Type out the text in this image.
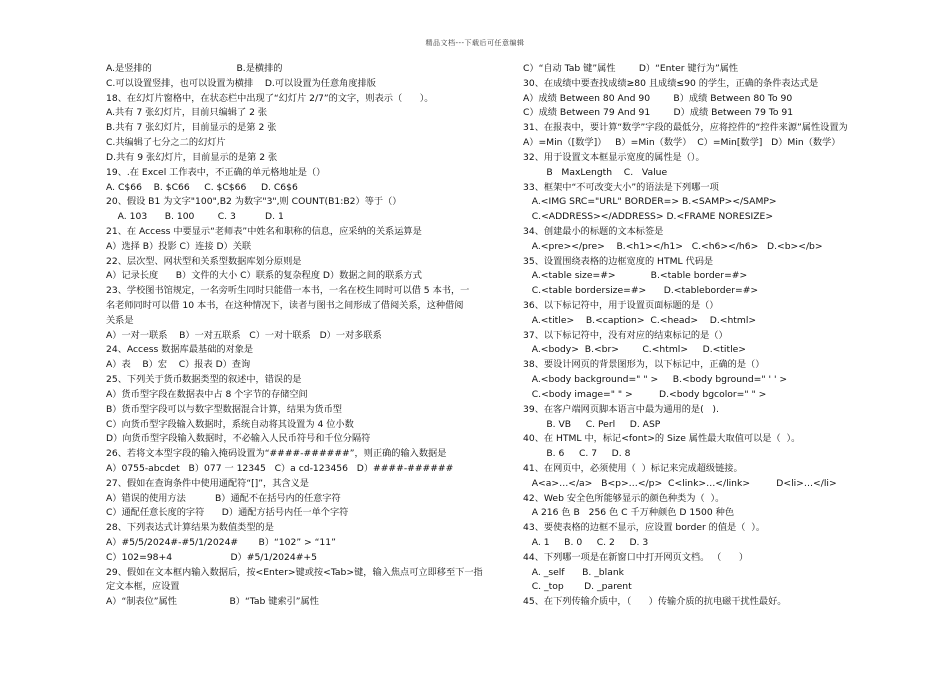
精品文档---下载后可任意编辑
A.是竖排的                             B.是横排的
C.可以设置竖排，也可以设置为横排    D.可以设置为任意角度排版
18、在幻灯片窗格中，在状态栏中出现了“幻灯片 2/7”的文字，则表示（      ）。
A.共有 7 张幻灯片，目前只编辑了 2 张
B.共有 7 张幻灯片，目前显示的是第 2 张
C.共编辑了七分之二的幻灯片
D.共有 9 张幻灯片，目前显示的是第 2 张
19、.在 Excel 工作表中，不正确的单元格地址是（）
A. C$66    B. $C66     C. $C$66     D. C6$6
20、假设 B1 为文字"100",B2 为数字"3",则 COUNT(B1:B2）等于（）
A. 103      B. 100        C. 3          D. 1
21、在 Access 中要显示“老师表”中姓名和职称的信息，应采纳的关系运算是
A）选择 B）投影 C）连接 D）关联
22、层次型、网状型和关系型数据库划分原则是
A）记录长度      B）文件的大小 C）联系的复杂程度 D）数据之间的联系方式
23、学校图书馆规定，一名旁听生同时只能借一本书，一名在校生同时可以借 5 本书，一
名老师同时可以借 10 本书，在这种情况下，读者与图书之间形成了借阅关系，这种借阅
关系是
A）一对一联系    B）一对五联系   C）一对十联系   D）一对多联系
24、Access 数据库最基础的对象是
A）表    B）宏    C）报表 D）查询
25、下列关于货币数据类型的叙述中，错误的是
A）货币型字段在数据表中占 8 个字节的存储空间
B）货币型字段可以与数字型数据混合计算，结果为货币型
C）向货币型字段输入数据时，系统自动将其设置为 4 位小数
D）向货币型字段输入数据时，不必输入人民币符号和千位分隔符
26、若将文本型字段的输入掩码设置为“####-######”，则正确的输入数据是
A）0755-abcdet   B）077 一 12345   C）a cd-123456   D）####-######
27、假如在查询条件中使用通配符“[]”，其含义是
A）错误的使用方法          B）通配不在括号内的任意字符
C）通配任意长度的字符      D）通配方括号内任一单个字符
28、下列表达式计算结果为数值类型的是
A）#5/5/2024#-#5/1/2024#       B）“102” > “11”
C）102=98+4                    D）#5/1/2024#+5
29、假如在文本框内输入数据后，按<Enter>键或按<Tab>键，输入焦点可立即移至下一指
定文本框，应设置
A）“制表位”属性                  B）“Tab 键索引”属性
C）“自动 Tab 键”属性        D）“Enter 键行为”属性
30、在成绩中要查找成绩≥80 且成绩≤90 的学生，正确的条件表达式是
A）成绩 Between 80 And 90        B）成绩 Between 80 To 90
C）成绩 Between 79 And 91        D）成绩 Between 79 To 91
31、在报表中，要计算“数学”字段的最低分，应将控件的“控件来源”属性设置为
A）=Min（[数学]）   B）=Min（数学）  C）=Min[数学]   D）Min（数学）
32、用于设置文本框显示宽度的属性是（）。
B   MaxLength    C.   Value
33、框架中“不可改变大小”的语法是下列哪一项
A.<IMG SRC="URL" BORDER=> B.<SAMP></SAMP>
C.<ADDRESS></ADDRESS> D.<FRAME NORESIZE>
34、创建最小的标题的文本标签是
A.<pre></pre>    B.<h1></h1>   C.<h6></h6>   D.<b></b>
35、设置围绕表格的边框宽度的 HTML 代码是
A.<table size=#>            B.<table border=#>
C.<table bordersize=#>      D.<tableborder=#>
36、以下标记符中，用于设置页面标题的是（）
A.<title>    B.<caption>  C.<head>    D.<html>
37、以下标记符中，没有对应的结束标记的是（）
A.<body>  B.<br>        C.<html>     D.<title>
38、要设计网页的背景图形为，以下标记中，正确的是（）
A.<body background=" " >     B.<body bground=" ' ' >
C.<body image=" " >         D.<body bgcolor=" " >
39、在客户端网页脚本语言中最为通用的是(   ).
B. VB     C. Perl     D. ASP
40、在 HTML 中，标记<font>的 Size 属性最大取值可以是（  ）。
B. 6     C. 7     D. 8
41、在网页中，必须使用（  ）标记来完成超级链接。
A<a>…</a>   B<p>…</p>  C<link>…</link>         D<li>…</li>
42、Web 安全色所能够显示的颜色种类为（  ）。
A 216 色 B   256 色 C 千万种颜色 D 1500 种色
43、要使表格的边框不显示，应设置 border 的值是（  ）。
A. 1     B. 0     C. 2     D. 3
44、下列哪一项是在新窗口中打开网页文档。 （      ）
A. _self      B. _blank
C. _top       D. _parent
45、在下列传输介质中，（      ）传输介质的抗电磁干扰性最好。
